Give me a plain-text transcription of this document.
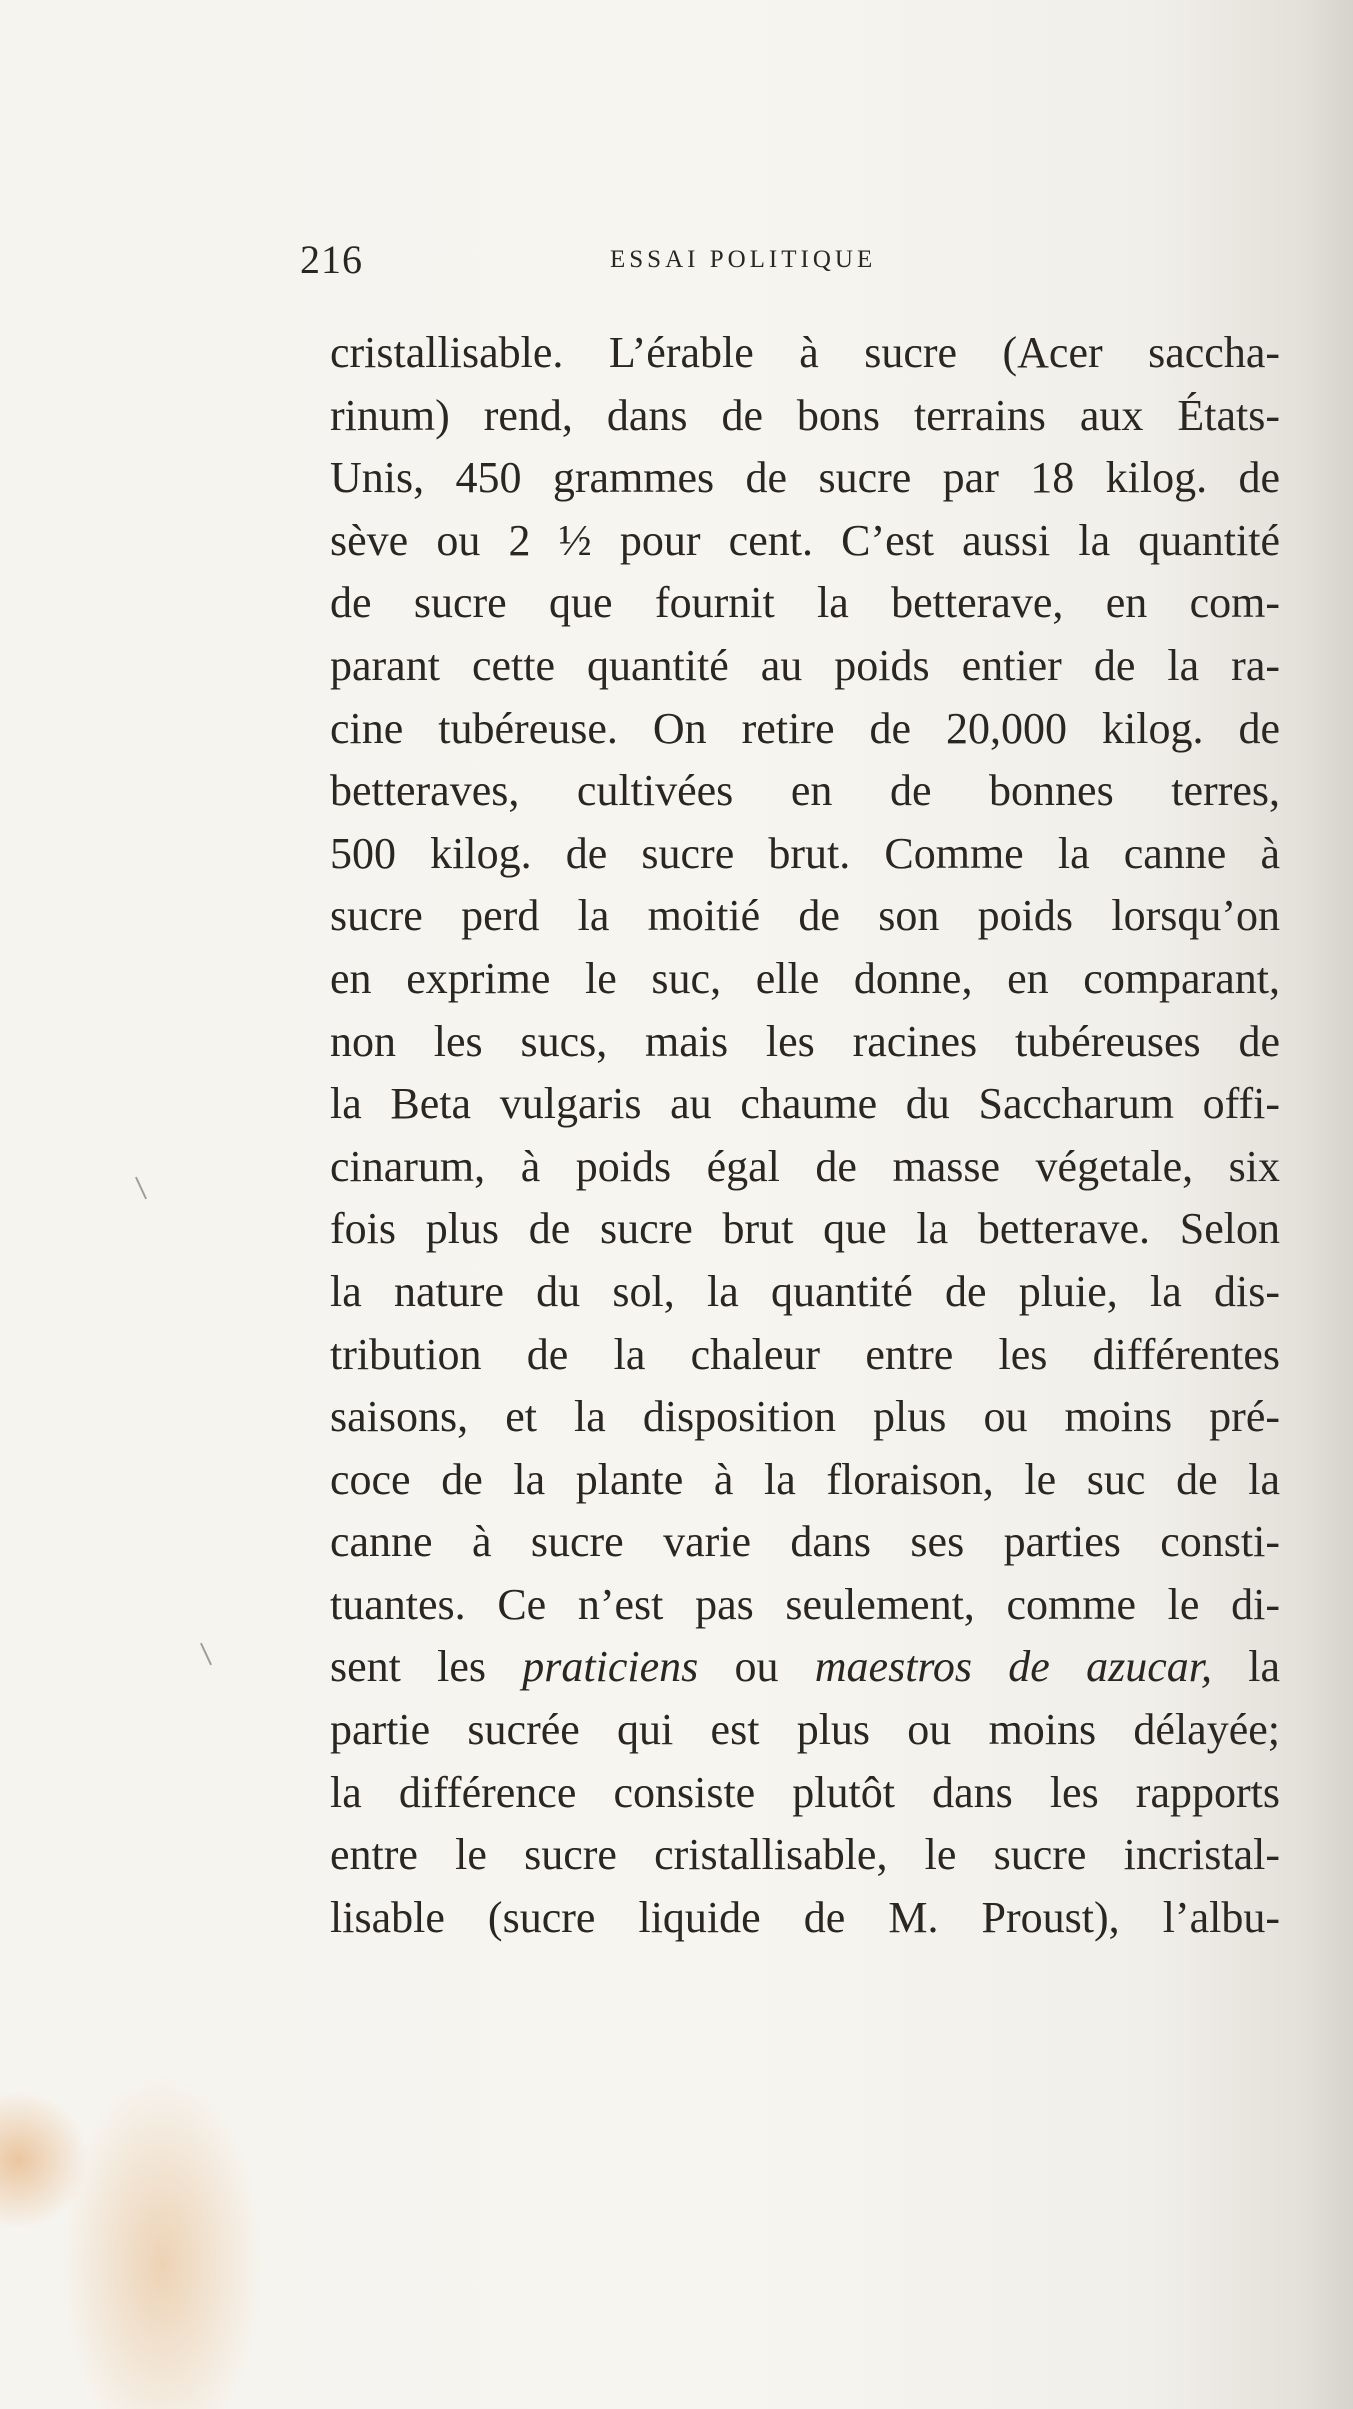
216	ESSAI POLITIQUE
cristallisable. L’érable à sucre (Acer saccha-
rinum) rend, dans de bons terrains aux États-
Unis, 450 grammes de sucre par 18 kilog. de
sève ou 2 ½ pour cent. C’est aussi la quantité
de sucre que fournit la betterave, en com-
parant cette quantité au poids entier de la ra-
cine tubéreuse. On retire de 20,000 kilog. de
betteraves, cultivées en de bonnes terres,
500 kilog. de sucre brut. Comme la canne à
sucre perd la moitié de son poids lorsqu’on
en exprime le suc, elle donne, en comparant,
non les sucs, mais les racines tubéreuses de
la Beta vulgaris au chaume du Saccharum offi-
cinarum, à poids égal de masse végetale, six
fois plus de sucre brut que la betterave. Selon
la nature du sol, la quantité de pluie, la dis-
tribution de la chaleur entre les différentes
saisons, et la disposition plus ou moins pré-
coce de la plante à la floraison, le suc de la
canne à sucre varie dans ses parties consti-
tuantes. Ce n’est pas seulement, comme le di-
sent les praticiens ou maestros de azucar, la
partie sucrée qui est plus ou moins délayée;
la différence consiste plutôt dans les rapports
entre le sucre cristallisable, le sucre incristal-
lisable (sucre liquide de M. Proust), l’albu-
